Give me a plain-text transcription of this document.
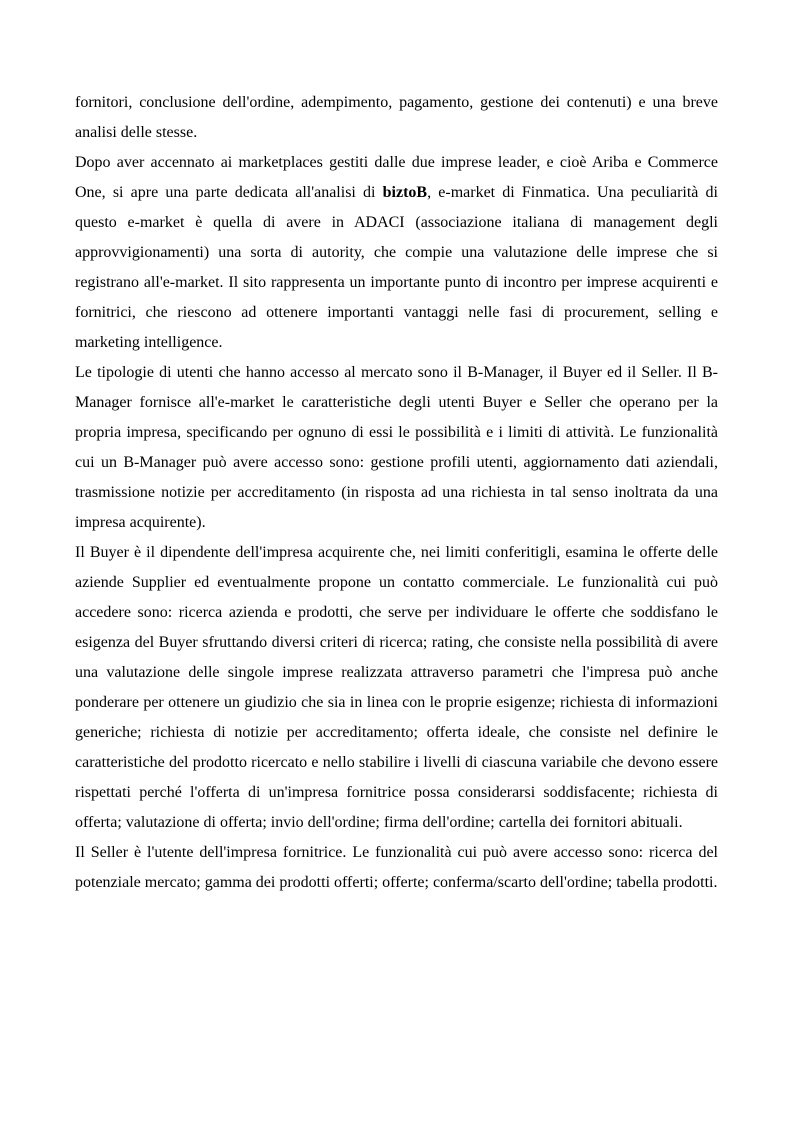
fornitori, conclusione dell'ordine, adempimento, pagamento, gestione dei contenuti) e una breve analisi delle stesse.

Dopo aver accennato ai marketplaces gestiti dalle due imprese leader, e cioè Ariba e Commerce One, si apre una parte dedicata all'analisi di biztoB, e-market di Finmatica. Una peculiarità di questo e-market è quella di avere in ADACI (associazione italiana di management degli approvvigionamenti) una sorta di autority, che compie una valutazione delle imprese che si registrano all'e-market. Il sito rappresenta un importante punto di incontro per imprese acquirenti e fornitrici, che riescono ad ottenere importanti vantaggi nelle fasi di procurement, selling e marketing intelligence.

Le tipologie di utenti che hanno accesso al mercato sono il B-Manager, il Buyer ed il Seller. Il B-Manager fornisce all'e-market le caratteristiche degli utenti Buyer e Seller che operano per la propria impresa, specificando per ognuno di essi le possibilità e i limiti di attività. Le funzionalità cui un B-Manager può avere accesso sono: gestione profili utenti, aggiornamento dati aziendali, trasmissione notizie per accreditamento (in risposta ad una richiesta in tal senso inoltrata da una impresa acquirente).

Il Buyer è il dipendente dell'impresa acquirente che, nei limiti conferitigli, esamina le offerte delle aziende Supplier ed eventualmente propone un contatto commerciale. Le funzionalità cui può accedere sono: ricerca azienda e prodotti, che serve per individuare le offerte che soddisfano le esigenza del Buyer sfruttando diversi criteri di ricerca; rating, che consiste nella possibilità di avere una valutazione delle singole imprese realizzata attraverso parametri che l'impresa può anche ponderare per ottenere un giudizio che sia in linea con le proprie esigenze; richiesta di informazioni generiche; richiesta di notizie per accreditamento; offerta ideale, che consiste nel definire le caratteristiche del prodotto ricercato e nello stabilire i livelli di ciascuna variabile che devono essere rispettati perché l'offerta di un'impresa fornitrice possa considerarsi soddisfacente; richiesta di offerta; valutazione di offerta; invio dell'ordine; firma dell'ordine; cartella dei fornitori abituali.

Il Seller è l'utente dell'impresa fornitrice. Le funzionalità cui può avere accesso sono: ricerca del potenziale mercato; gamma dei prodotti offerti; offerte; conferma/scarto dell'ordine; tabella prodotti.
